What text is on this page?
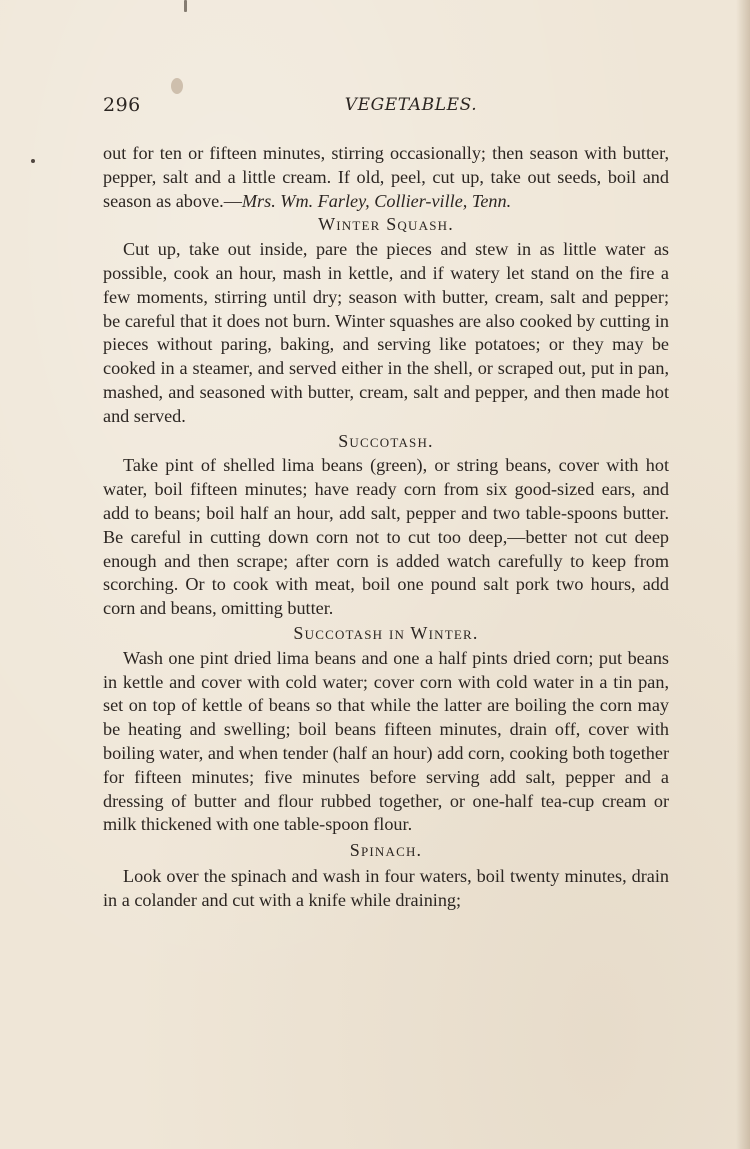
296	VEGETABLES.

out for ten or fifteen minutes, stirring occasionally; then season with butter, pepper, salt and a little cream. If old, peel, cut up, take out seeds, boil and season as above.—Mrs. Wm. Farley, Collier-ville, Tenn.

Winter Squash.

Cut up, take out inside, pare the pieces and stew in as little water as possible, cook an hour, mash in kettle, and if watery let stand on the fire a few moments, stirring until dry; season with butter, cream, salt and pepper; be careful that it does not burn. Winter squashes are also cooked by cutting in pieces without paring, baking, and serving like potatoes; or they may be cooked in a steamer, and served either in the shell, or scraped out, put in pan, mashed, and seasoned with butter, cream, salt and pepper, and then made hot and served.

Succotash.

Take pint of shelled lima beans (green), or string beans, cover with hot water, boil fifteen minutes; have ready corn from six good-sized ears, and add to beans; boil half an hour, add salt, pepper and two table-spoons butter. Be careful in cutting down corn not to cut too deep,—better not cut deep enough and then scrape; after corn is added watch carefully to keep from scorching. Or to cook with meat, boil one pound salt pork two hours, add corn and beans, omitting butter.

Succotash in Winter.

Wash one pint dried lima beans and one a half pints dried corn; put beans in kettle and cover with cold water; cover corn with cold water in a tin pan, set on top of kettle of beans so that while the latter are boiling the corn may be heating and swelling; boil beans fifteen minutes, drain off, cover with boiling water, and when tender (half an hour) add corn, cooking both together for fifteen minutes; five minutes before serving add salt, pepper and a dressing of butter and flour rubbed together, or one-half tea-cup cream or milk thickened with one table-spoon flour.

Spinach.

Look over the spinach and wash in four waters, boil twenty minutes, drain in a colander and cut with a knife while draining;
